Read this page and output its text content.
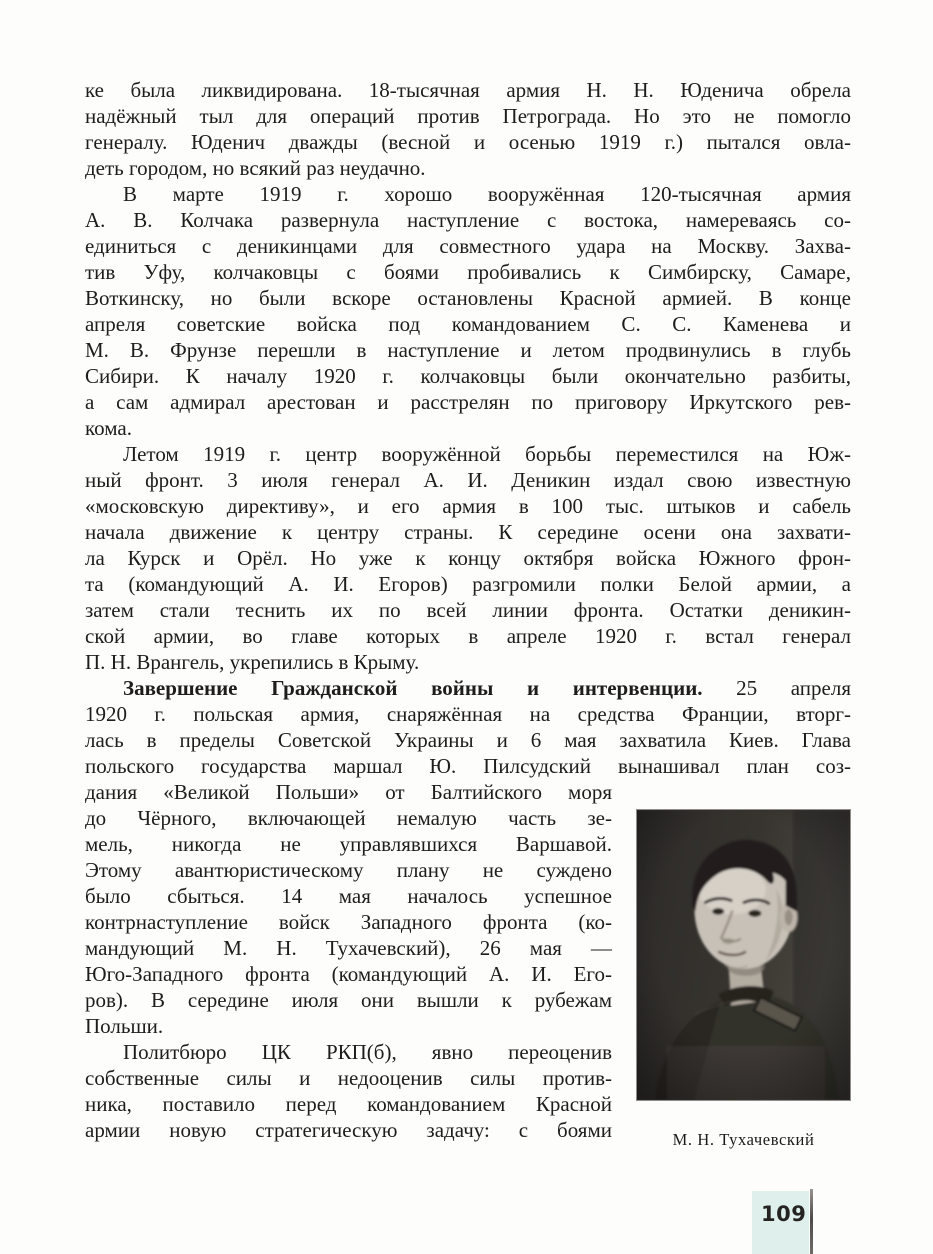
ке была ликвидирована. 18-тысячная армия Н. Н. Юденича обрела
надёжный тыл для операций против Петрограда. Но это не помогло
генералу. Юденич дважды (весной и осенью 1919 г.) пытался овла-
деть городом, но всякий раз неудачно.
В марте 1919 г. хорошо вооружённая 120-тысячная армия
А. В. Колчака развернула наступление с востока, намереваясь со-
единиться с деникинцами для совместного удара на Москву. Захва-
тив Уфу, колчаковцы с боями пробивались к Симбирску, Самаре,
Воткинску, но были вскоре остановлены Красной армией. В конце
апреля советские войска под командованием С. С. Каменева и
М. В. Фрунзе перешли в наступление и летом продвинулись в глубь
Сибири. К началу 1920 г. колчаковцы были окончательно разбиты,
а сам адмирал арестован и расстрелян по приговору Иркутского рев-
кома.
Летом 1919 г. центр вооружённой борьбы переместился на Юж-
ный фронт. 3 июля генерал А. И. Деникин издал свою известную
«московскую директиву», и его армия в 100 тыс. штыков и сабель
начала движение к центру страны. К середине осени она захвати-
ла Курск и Орёл. Но уже к концу октября войска Южного фрон-
та (командующий А. И. Егоров) разгромили полки Белой армии, а
затем стали теснить их по всей линии фронта. Остатки деникин-
ской армии, во главе которых в апреле 1920 г. встал генерал
П. Н. Врангель, укрепились в Крыму.
Завершение Гражданской войны и интервенции. 25 апреля
1920 г. польская армия, снаряжённая на средства Франции, вторг-
лась в пределы Советской Украины и 6 мая захватила Киев. Глава
польского государства маршал Ю. Пилсудский вынашивал план соз-
дания «Великой Польши» от Балтийского моря
до Чёрного, включающей немалую часть зе-
мель, никогда не управлявшихся Варшавой.
Этому авантюристическому плану не суждено
было сбыться. 14 мая началось успешное
контрнаступление войск Западного фронта (ко-
мандующий М. Н. Тухачевский), 26 мая —
Юго-Западного фронта (командующий А. И. Его-
ров). В середине июля они вышли к рубежам
Польши.
Политбюро ЦК РКП(б), явно переоценив
собственные силы и недооценив силы против-
ника, поставило перед командованием Красной
армии новую стратегическую задачу: с боями	М. Н. Тухачевский
109
